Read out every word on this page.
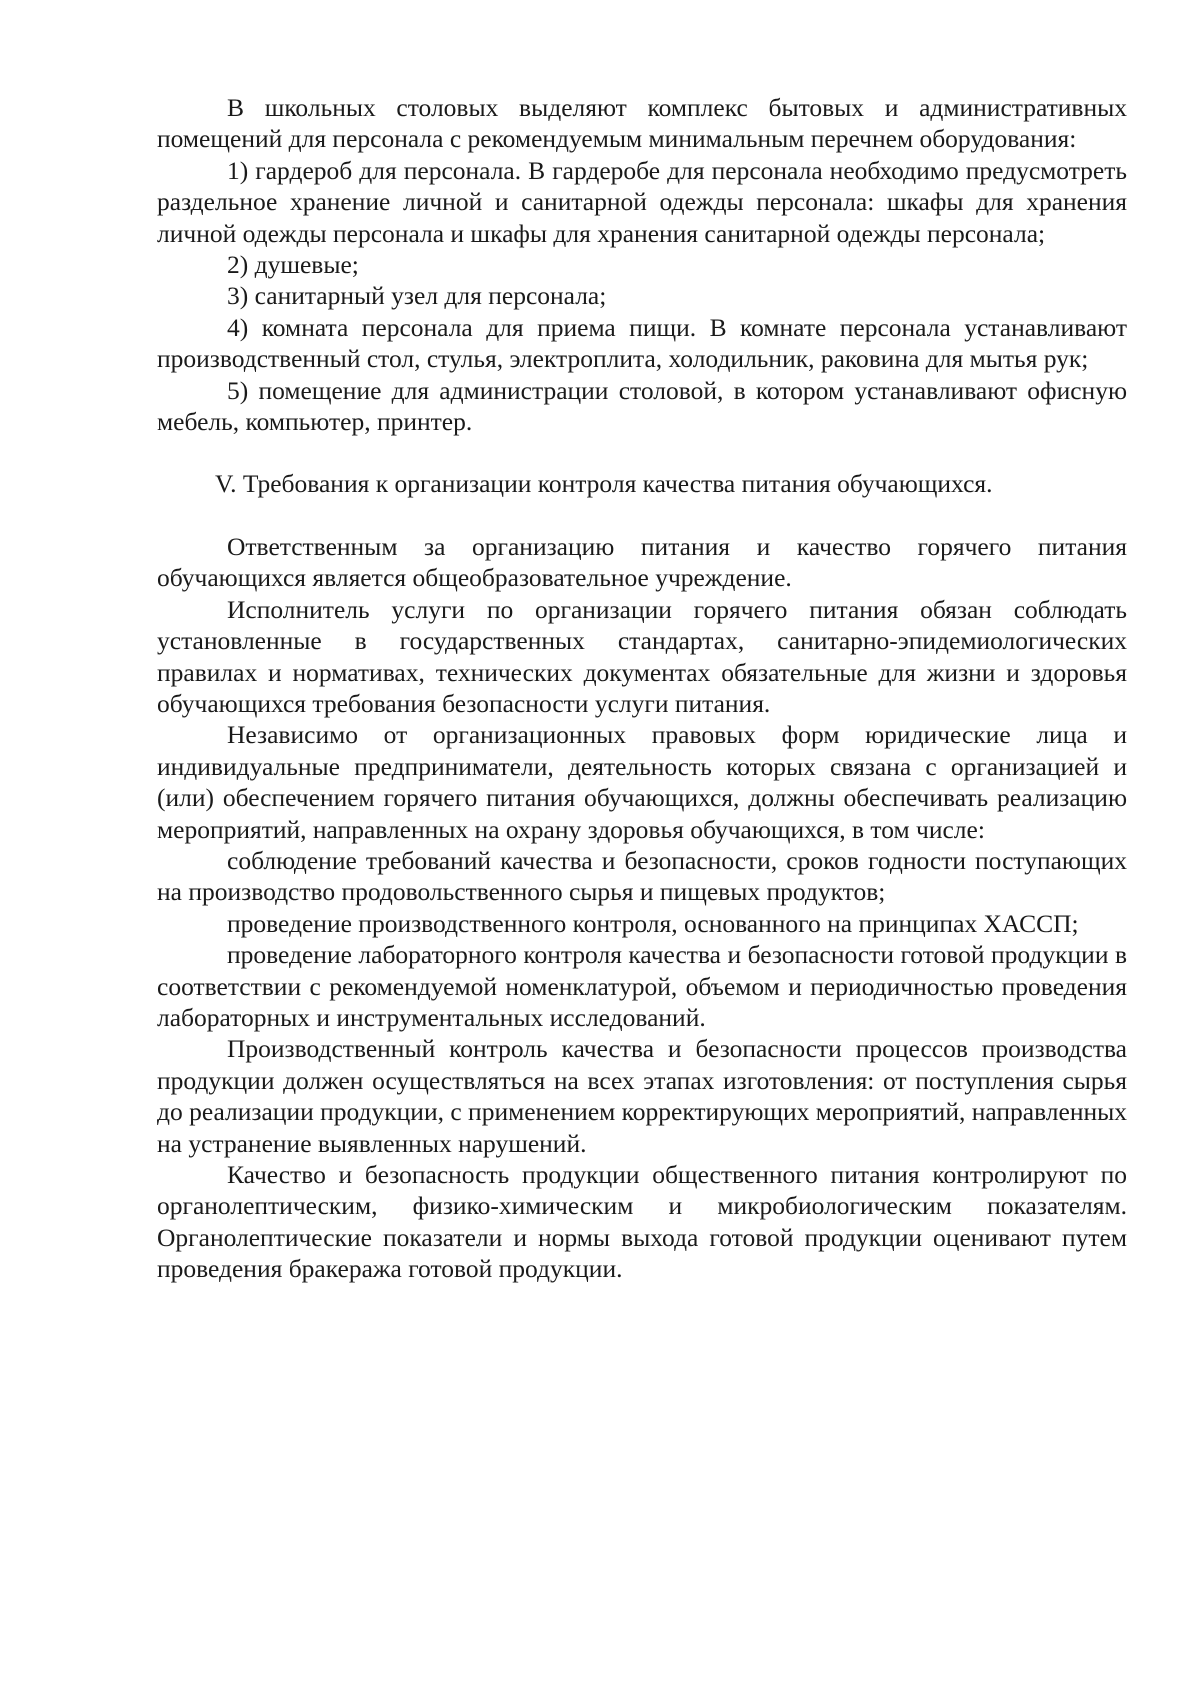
В школьных столовых выделяют комплекс бытовых и административных помещений для персонала с рекомендуемым минимальным перечнем оборудования:

1) гардероб для персонала. В гардеробе для персонала необходимо предусмотреть раздельное хранение личной и санитарной одежды персонала: шкафы для хранения личной одежды персонала и шкафы для хранения санитарной одежды персонала;

2) душевые;

3) санитарный узел для персонала;

4) комната персонала для приема пищи. В комнате персонала устанавливают производственный стол, стулья, электроплита, холодильник, раковина для мытья рук;

5) помещение для администрации столовой, в котором устанавливают офисную мебель, компьютер, принтер.

V. Требования к организации контроля качества питания обучающихся.

Ответственным за организацию питания и качество горячего питания обучающихся является общеобразовательное учреждение.

Исполнитель услуги по организации горячего питания обязан соблюдать установленные в государственных стандартах, санитарно-эпидемиологических правилах и нормативах, технических документах обязательные для жизни и здоровья обучающихся требования безопасности услуги питания.

Независимо от организационных правовых форм юридические лица и индивидуальные предприниматели, деятельность которых связана с организацией и (или) обеспечением горячего питания обучающихся, должны обеспечивать реализацию мероприятий, направленных на охрану здоровья обучающихся, в том числе:

соблюдение требований качества и безопасности, сроков годности поступающих на производство продовольственного сырья и пищевых продуктов;

проведение производственного контроля, основанного на принципах ХАССП;

проведение лабораторного контроля качества и безопасности готовой продукции в соответствии с рекомендуемой номенклатурой, объемом и периодичностью проведения лабораторных и инструментальных исследований.

Производственный контроль качества и безопасности процессов производства продукции должен осуществляться на всех этапах изготовления: от поступления сырья до реализации продукции, с применением корректирующих мероприятий, направленных на устранение выявленных нарушений.

Качество и безопасность продукции общественного питания контролируют по органолептическим, физико-химическим и микробиологическим показателям. Органолептические показатели и нормы выхода готовой продукции оценивают путем проведения бракеража готовой продукции.
